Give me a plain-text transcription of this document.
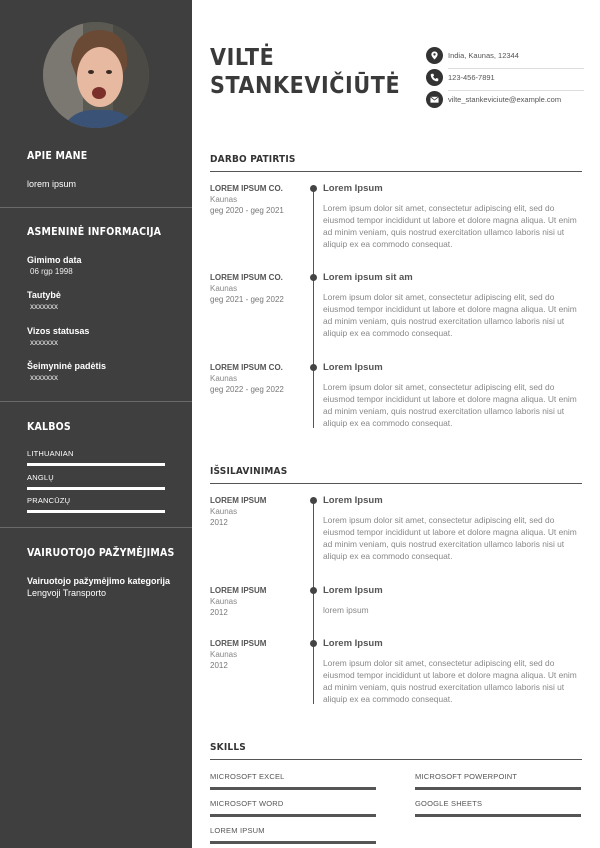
APIE MANE
lorem ipsum
ASMENINĖ INFORMACIJA
Gimimo data
06 rgp 1998
Tautybė
xxxxxxx
Vizos statusas
xxxxxxx
Šeimyninė padėtis
xxxxxxx
KALBOS
LITHUANIAN
ANGLŲ
PRANCŪZŲ
VAIRUOTOJO PAŽYMĖJIMAS
Vairuotojo pažymėjimo kategorija
Lengvoji Transporto
VILTĖ
STANKEVIČIŪTĖ
India, Kaunas, 12344
123-456-7891
vilte_stankeviciute@example.com
DARBO PATIRTIS
LOREM IPSUM CO.
Kaunas
geg 2020 - geg 2021
Lorem Ipsum
Lorem ipsum dolor sit amet, consectetur adipiscing elit, sed do eiusmod tempor incididunt ut labore et dolore magna aliqua. Ut enim ad minim veniam, quis nostrud exercitation ullamco laboris nisi ut aliquip ex ea commodo consequat.
LOREM IPSUM CO.
Kaunas
geg 2021 - geg 2022
Lorem ipsum sit am
Lorem ipsum dolor sit amet, consectetur adipiscing elit, sed do eiusmod tempor incididunt ut labore et dolore magna aliqua. Ut enim ad minim veniam, quis nostrud exercitation ullamco laboris nisi ut aliquip ex ea commodo consequat.
LOREM IPSUM CO.
Kaunas
geg 2022 - geg 2022
Lorem Ipsum
Lorem ipsum dolor sit amet, consectetur adipiscing elit, sed do eiusmod tempor incididunt ut labore et dolore magna aliqua. Ut enim ad minim veniam, quis nostrud exercitation ullamco laboris nisi ut aliquip ex ea commodo consequat.
IŠSILAVINIMAS
LOREM IPSUM
Kaunas
2012
Lorem Ipsum
Lorem ipsum dolor sit amet, consectetur adipiscing elit, sed do eiusmod tempor incididunt ut labore et dolore magna aliqua. Ut enim ad minim veniam, quis nostrud exercitation ullamco laboris nisi ut aliquip ex ea commodo consequat.
LOREM IPSUM
Kaunas
2012
Lorem Ipsum
lorem ipsum
LOREM IPSUM
Kaunas
2012
Lorem Ipsum
Lorem ipsum dolor sit amet, consectetur adipiscing elit, sed do eiusmod tempor incididunt ut labore et dolore magna aliqua. Ut enim ad minim veniam, quis nostrud exercitation ullamco laboris nisi ut aliquip ex ea commodo consequat.
SKILLS
MICROSOFT EXCEL	MICROSOFT POWERPOINT
MICROSOFT WORD	GOOGLE SHEETS
LOREM IPSUM
